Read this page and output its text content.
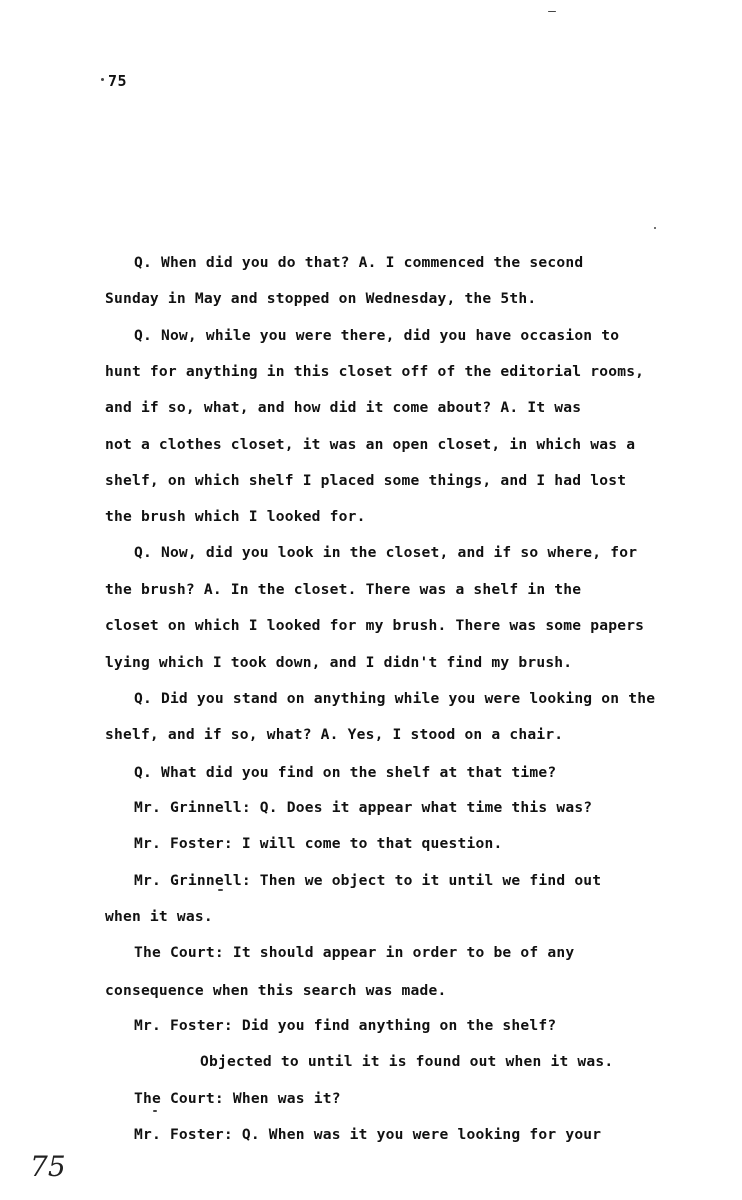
75
Q. When did you do that? A. I commenced the second
Sunday in May and stopped on Wednesday, the 5th.
Q. Now, while you were there, did you have occasion to
hunt for anything in this closet off of the editorial rooms,
and if so, what, and how did it come about? A. It was
not a clothes closet, it was an open closet, in which was a
shelf, on which shelf I placed some things, and I had lost
the brush which I looked for.
Q. Now, did you look in the closet, and if so where, for
the brush? A. In the closet. There was a shelf in the
closet on which I looked for my brush. There was some papers
lying which I took down, and I didn't find my brush.
Q. Did you stand on anything while you were looking on the
shelf, and if so, what? A. Yes, I stood on a chair.
Q. What did you find on the shelf at that time?
Mr. Grinnell: Q. Does it appear what time this was?
Mr. Foster: I will come to that question.
Mr. Grinnell: Then we object to it until we find out
when it was.
The Court: It should appear in order to be of any
consequence when this search was made.
Mr. Foster: Did you find anything on the shelf?
Objected to until it is found out when it was.
The Court: When was it?
Mr. Foster: Q. When was it you were looking for your
75
